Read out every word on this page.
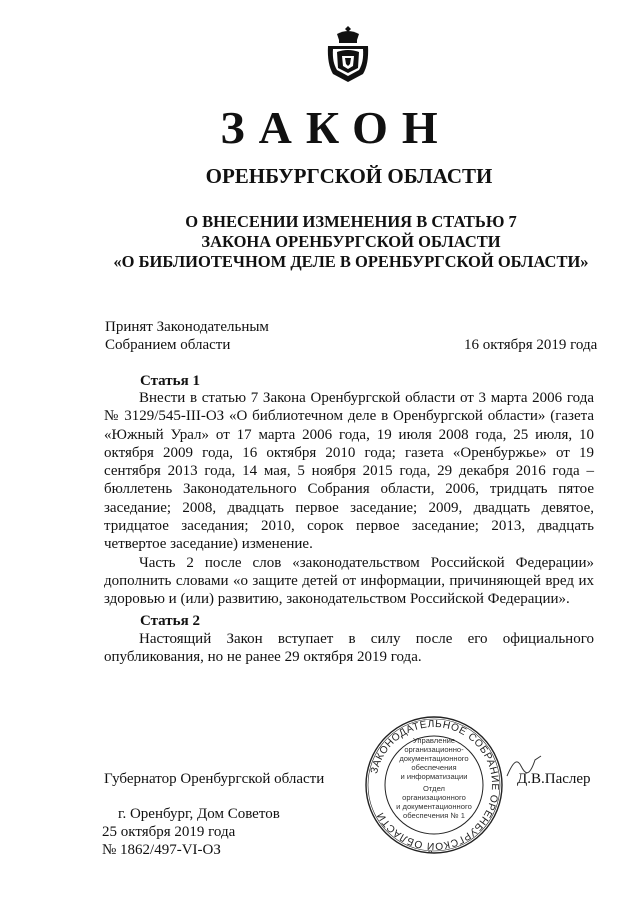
ЗАКОН
ОРЕНБУРГСКОЙ ОБЛАСТИ
О ВНЕСЕНИИ ИЗМЕНЕНИЯ В СТАТЬЮ 7
ЗАКОНА ОРЕНБУРГСКОЙ ОБЛАСТИ
«О БИБЛИОТЕЧНОМ ДЕЛЕ В ОРЕНБУРГСКОЙ ОБЛАСТИ»
Принят Законодательным
Собранием области	16 октября 2019 года
Статья 1

Внести в статью 7 Закона Оренбургской области от 3 марта 2006 года № 3129/545-III-ОЗ «О библиотечном деле в Оренбургской области» (газета «Южный Урал» от 17 марта 2006 года, 19 июля 2008 года, 25 июля, 10 октября 2009 года, 16 октября 2010 года; газета «Оренбуржье» от 19 сентября 2013 года, 14 мая, 5 ноября 2015 года, 29 декабря 2016 года – бюллетень Законодательного Собрания области, 2006, тридцать пятое заседание; 2008, двадцать первое заседание; 2009, двадцать девятое, тридцатое заседания; 2010, сорок первое заседание; 2013, двадцать четвертое заседание) изменение.

Часть 2 после слов «законодательством Российской Федерации» дополнить словами «о защите детей от информации, причиняющей вред их здоровью и (или) развитию, законодательством Российской Федерации».

Статья 2

Настоящий Закон вступает в силу после его официального опубликования, но не ранее 29 октября 2019 года.

Губернатор Оренбургской области
ЗАКОНОДАТЕЛЬНОЕ СОБРАНИЕ ОРЕНБУРГСКОЙ ОБЛАСТИ
Управление
организационно-
документационного
обеспечения
и информатизации
Отдел организационного
и документационного
обеспечения № 1
Д.В.Паслер
г. Оренбург, Дом Советов
25 октября 2019 года
№ 1862/497-VI-ОЗ
